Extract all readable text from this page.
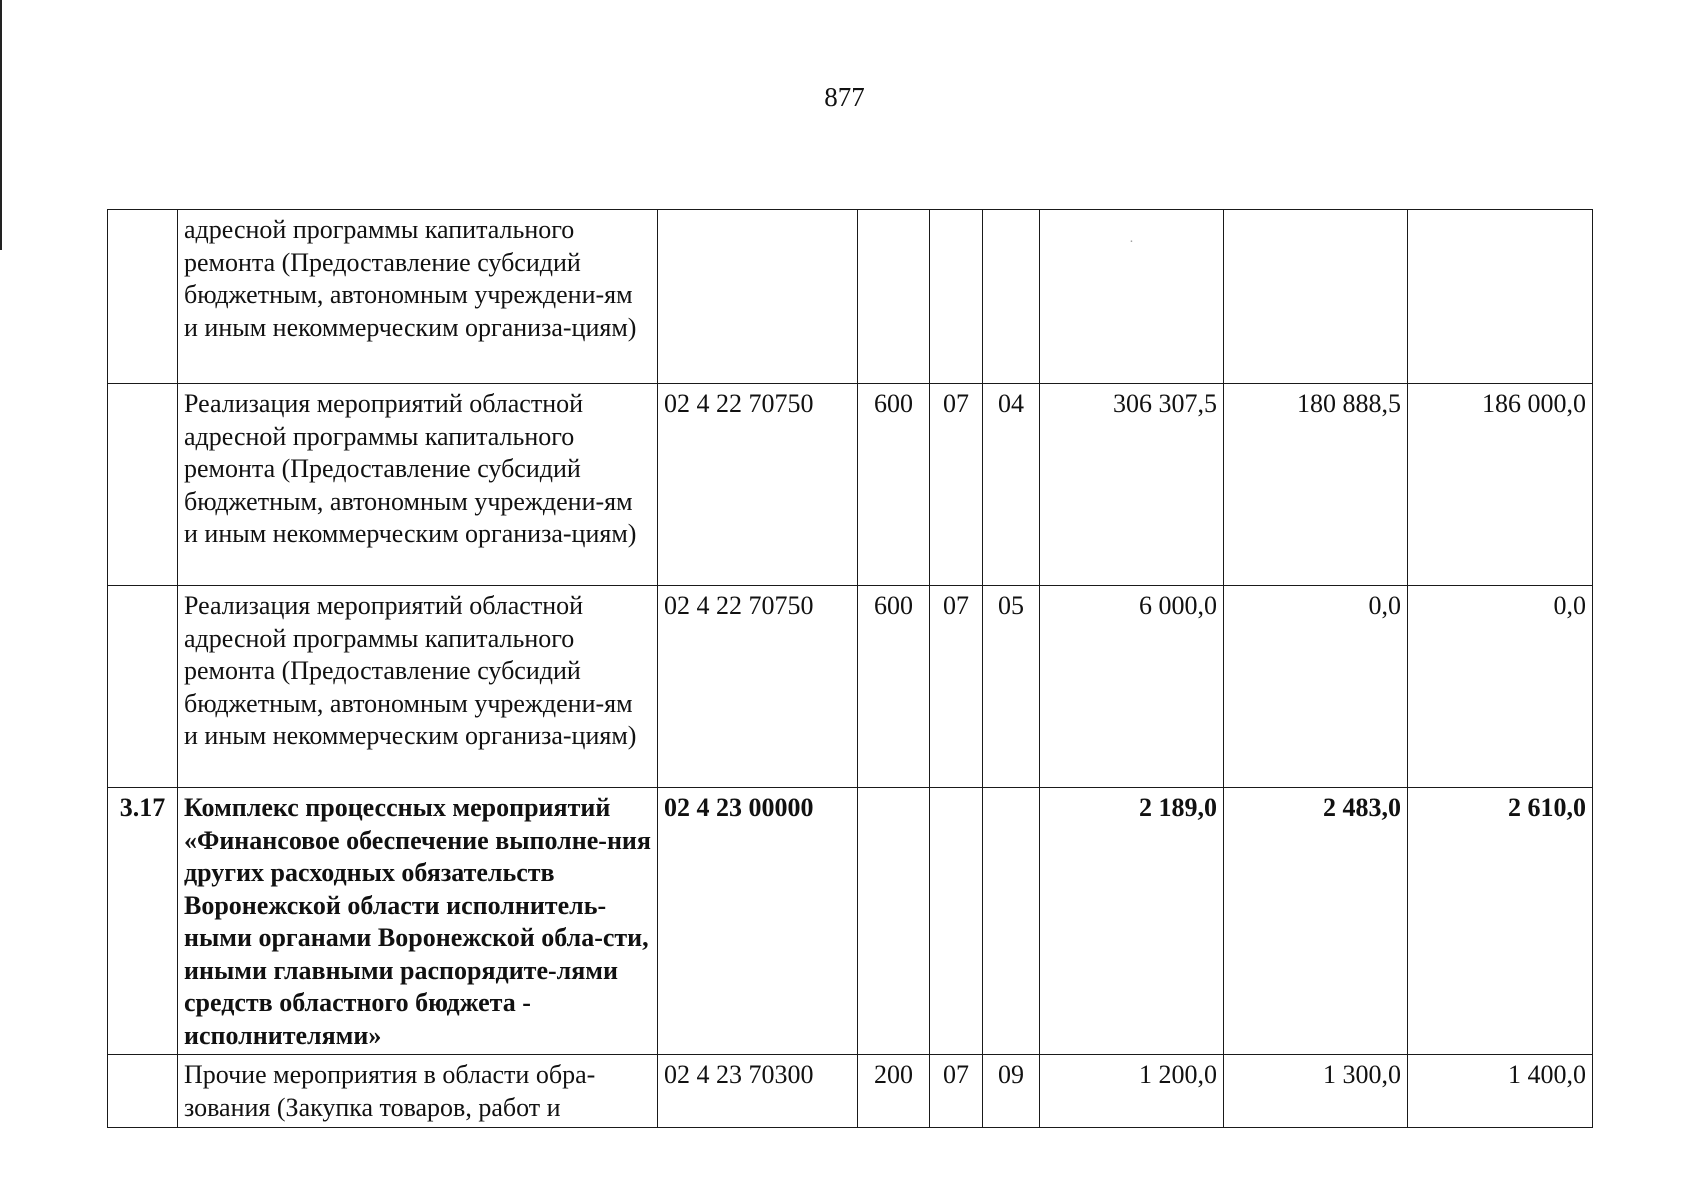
877
	адресной программы капитального ремонта (Предоставление субсидий бюджетным, автономным учреждени-ям и иным некоммерческим организа-циям)					·		

	Реализация мероприятий областной адресной программы капитального ремонта (Предоставление субсидий бюджетным, автономным учреждени-ям и иным некоммерческим организа-циям)	02 4 22 70750	600	07	04	306 307,5	180 888,5	186 000,0
	Реализация мероприятий областной адресной программы капитального ремонта (Предоставление субсидий бюджетным, автономным учреждени-ям и иным некоммерческим организа-циям)	02 4 22 70750	600	07	05	6 000,0	0,0	0,0
3.17	Комплекс процессных мероприятий «Финансовое обеспечение выполне-ния других расходных обязательств Воронежской области исполнитель-ными органами Воронежской обла-сти, иными главными распорядите-лями средств областного бюджета - исполнителями»	02 4 23 00000				2 189,0	2 483,0	2 610,0
	Прочие мероприятия в области обра-зования (Закупка товаров, работ и	02 4 23 70300	200	07	09	1 200,0	1 300,0	1 400,0
